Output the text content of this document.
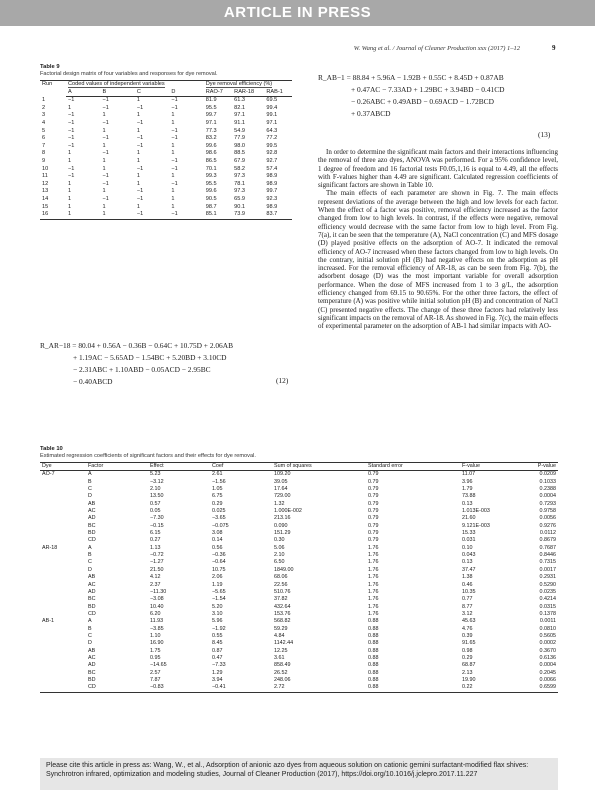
ARTICLE IN PRESS
W. Wang et al. / Journal of Cleaner Production xxx (2017) 1–12	9
Table 9
Factorial design matrix of four variables and responses for dye removal.
Run	Coded values of independent variables				Dye removal efficiency (%)		
	A	B	C	D	RAO-7	RAR-18	RAB-1
1	−1	−1	1	−1	81.9	61.3	69.5
2	1	−1	−1	−1	95.5	82.1	99.4
3	−1	1	1	1	99.7	97.1	99.1
4	−1	−1	−1	1	97.1	91.1	97.1
5	−1	1	1	−1	77.3	54.9	64.3
6	−1	−1	−1	−1	83.2	77.9	77.2
7	−1	1	−1	1	99.6	98.0	99.5
8	1	−1	1	1	98.6	88.5	92.8
9	1	1	1	−1	86.5	67.9	92.7
10	−1	1	−1	−1	70.1	58.2	57.4
11	−1	−1	1	1	99.3	97.3	98.9
12	1	−1	1	−1	95.5	78.1	98.9
13	1	1	−1	1	99.6	97.3	99.7
14	1	−1	−1	1	90.5	65.9	92.3
15	1	1	1	1	98.7	90.1	98.9
16	1	1	−1	−1	85.1	73.9	83.7
R_AB−1 = 88.84 + 5.96A − 1.92B + 0.55C + 8.45D + 0.87AB
+ 0.47AC − 7.33AD + 1.29BC + 3.94BD − 0.41CD
− 0.26ABC + 0.49ABD − 0.69ACD − 1.72BCD
+ 0.37ABCD
(13)

In order to determine the significant main factors and their interactions influencing the removal of three azo dyes, ANOVA was performed. For a 95% confidence level, 1 degree of freedom and 16 factorial tests F0.05,1,16 is equal to 4.49, all the effects with F-values higher than 4.49 are significant. Calculated regression coefficients of significant factors are shown in Table 10.

The main effects of each parameter are shown in Fig. 7. The main effects represent deviations of the average between the high and low levels for each factor. When the effect of a factor was positive, removal efficiency increased as the factor changed from low to high levels. In contrast, if the effects were negative, removal efficiency would decrease with the same factor from low to high level. From Fig. 7(a), it can be seen that the temperature (A), NaCl concentration (C) and MFS dosage (D) played positive effects on the adsorption of AO-7. It indicated the removal efficiency of AO-7 increased when these factors changed from low to high levels. On the contrary, initial solution pH (B) had negative effects on the adsorption as pH increased. For the removal efficiency of AR-18, as can be seen from Fig. 7(b), the adsorbent dosage (D) was the most important variable for overall adsorption performance. When the dose of MFS increased from 1 to 3 g/L, the adsorption efficiency changed from 69.15 to 90.65%. For the other three factors, the effect of temperature (A) was positive while initial solution pH (B) and concentration of NaCl (C) presented negative effects. The change of these three factors had relatively less significant impacts on the removal of AR-18. As showed in Fig. 7(c), the main effects of experimental parameter on the adsorption of AB-1 had similar impacts with AO-

R_AR−18 = 80.04 + 0.56A − 0.36B − 0.64C + 10.75D + 2.06AB
+ 1.19AC − 5.65AD − 1.54BC + 5.20BD + 3.10CD
− 2.31ABC + 1.10ABD − 0.05ACD − 2.95BC
− 0.40ABCD	(12)
Table 10
Estimated regression coefficients of significant factors and their effects for dye removal.
Dye	Factor	Effect	Coef	Sum of squares	Standard error	F-value	P-value
AO-7	A	5.23	2.61	109.20	0.79	11.07	0.0209
	B	−3.12	−1.56	39.05	0.79	3.96	0.1033
	C	2.10	1.05	17.64	0.79	1.79	0.2388
	D	13.50	6.75	729.00	0.79	73.88	0.0004
	AB	0.57	0.29	1.32	0.79	0.13	0.7293
	AC	0.05	0.025	1.000E-002	0.79	1.013E-003	0.9758
	AD	−7.30	−3.65	213.16	0.79	21.60	0.0056
	BC	−0.15	−0.075	0.090	0.79	9.121E-003	0.9276
	BD	6.15	3.08	151.29	0.79	15.33	0.0112
	CD	0.27	0.14	0.30	0.79	0.031	0.8679
AR-18	A	1.13	0.56	5.06	1.76	0.10	0.7687
	B	−0.72	−0.36	2.10	1.76	0.043	0.8446
	C	−1.27	−0.64	6.50	1.76	0.13	0.7315
	D	21.50	10.75	1849.00	1.76	37.47	0.0017
	AB	4.12	2.06	68.06	1.76	1.38	0.2931
	AC	2.37	1.19	22.56	1.76	0.46	0.5290
	AD	−11.30	−5.65	510.76	1.76	10.35	0.0235
	BC	−3.08	−1.54	37.82	1.76	0.77	0.4214
	BD	10.40	5.20	432.64	1.76	8.77	0.0315
	CD	6.20	3.10	153.76	1.76	3.12	0.1378
AB-1	A	11.93	5.96	568.82	0.88	45.63	0.0011
	B	−3.85	−1.92	59.29	0.88	4.76	0.0810
	C	1.10	0.55	4.84	0.88	0.39	0.5605
	D	16.90	8.45	1142.44	0.88	91.65	0.0002
	AB	1.75	0.87	12.25	0.88	0.98	0.3670
	AC	0.95	0.47	3.61	0.88	0.29	0.6136
	AD	−14.65	−7.33	858.49	0.88	68.87	0.0004
	BC	2.57	1.29	26.52	0.88	2.13	0.2045
	BD	7.87	3.94	248.06	0.88	19.90	0.0066
	CD	−0.83	−0.41	2.72	0.88	0.22	0.6599
Please cite this article in press as: Wang, W., et al., Adsorption of anionic azo dyes from aqueous solution on cationic gemini surfactant-modified flax shives: Synchrotron infrared, optimization and modeling studies, Journal of Cleaner Production (2017), https://doi.org/10.1016/j.jclepro.2017.11.227
